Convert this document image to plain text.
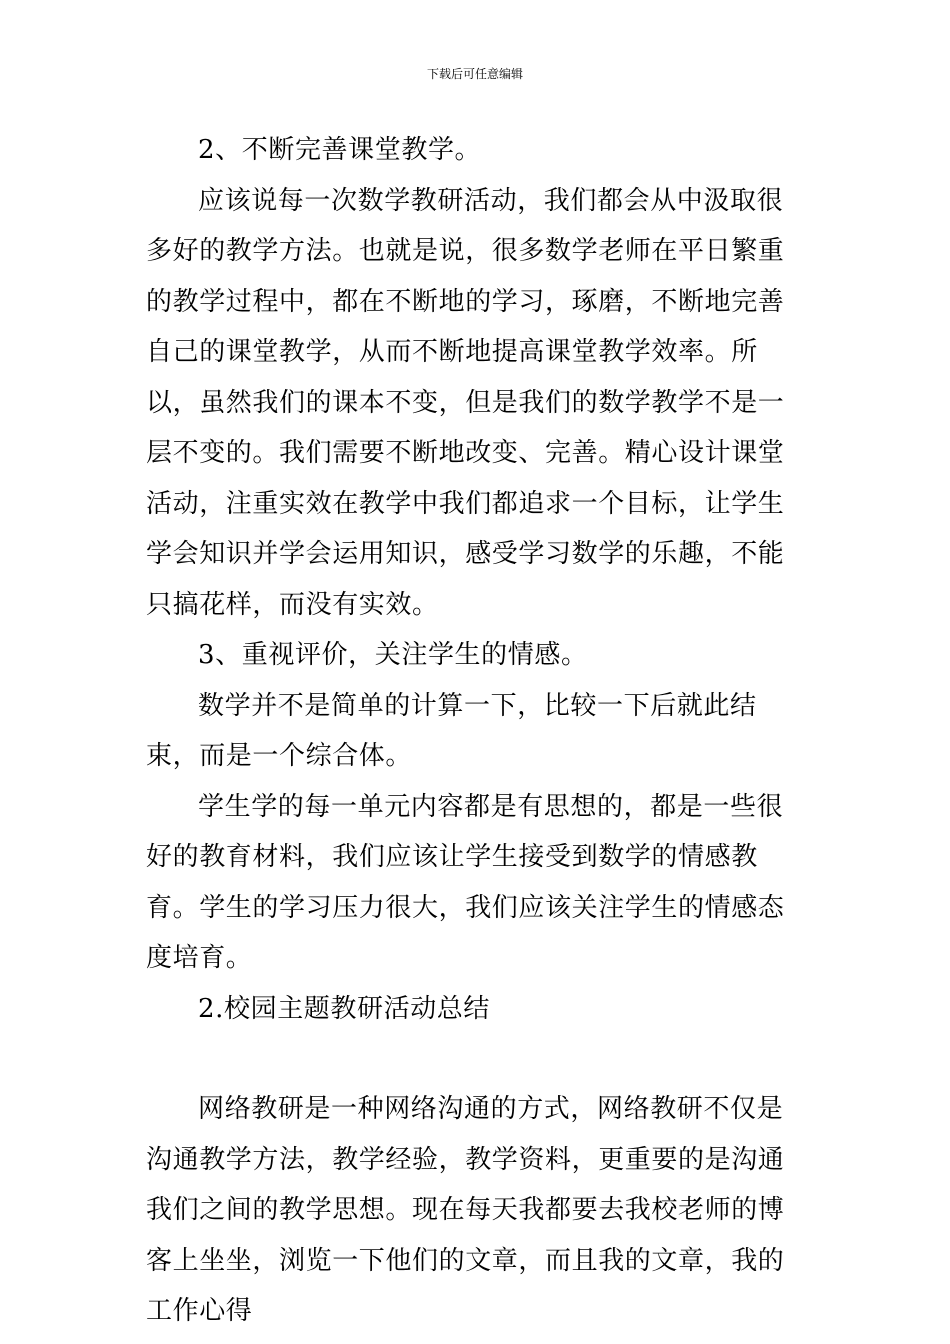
下载后可任意编辑

2、不断完善课堂教学。

应该说每一次数学教研活动，我们都会从中汲取很多好的教学方法。也就是说，很多数学老师在平日繁重的教学过程中，都在不断地的学习，琢磨，不断地完善自己的课堂教学，从而不断地提高课堂教学效率。所以，虽然我们的课本不变，但是我们的数学教学不是一层不变的。我们需要不断地改变、完善。精心设计课堂活动，注重实效在教学中我们都追求一个目标，让学生学会知识并学会运用知识，感受学习数学的乐趣，不能只搞花样，而没有实效。

3、重视评价，关注学生的情感。

数学并不是简单的计算一下，比较一下后就此结束，而是一个综合体。

学生学的每一单元内容都是有思想的，都是一些很好的教育材料，我们应该让学生接受到数学的情感教育。学生的学习压力很大，我们应该关注学生的情感态度培育。

2.校园主题教研活动总结

网络教研是一种网络沟通的方式，网络教研不仅是沟通教学方法，教学经验，教学资料，更重要的是沟通我们之间的教学思想。现在每天我都要去我校老师的博客上坐坐，浏览一下他们的文章，而且我的文章，我的工作心得
